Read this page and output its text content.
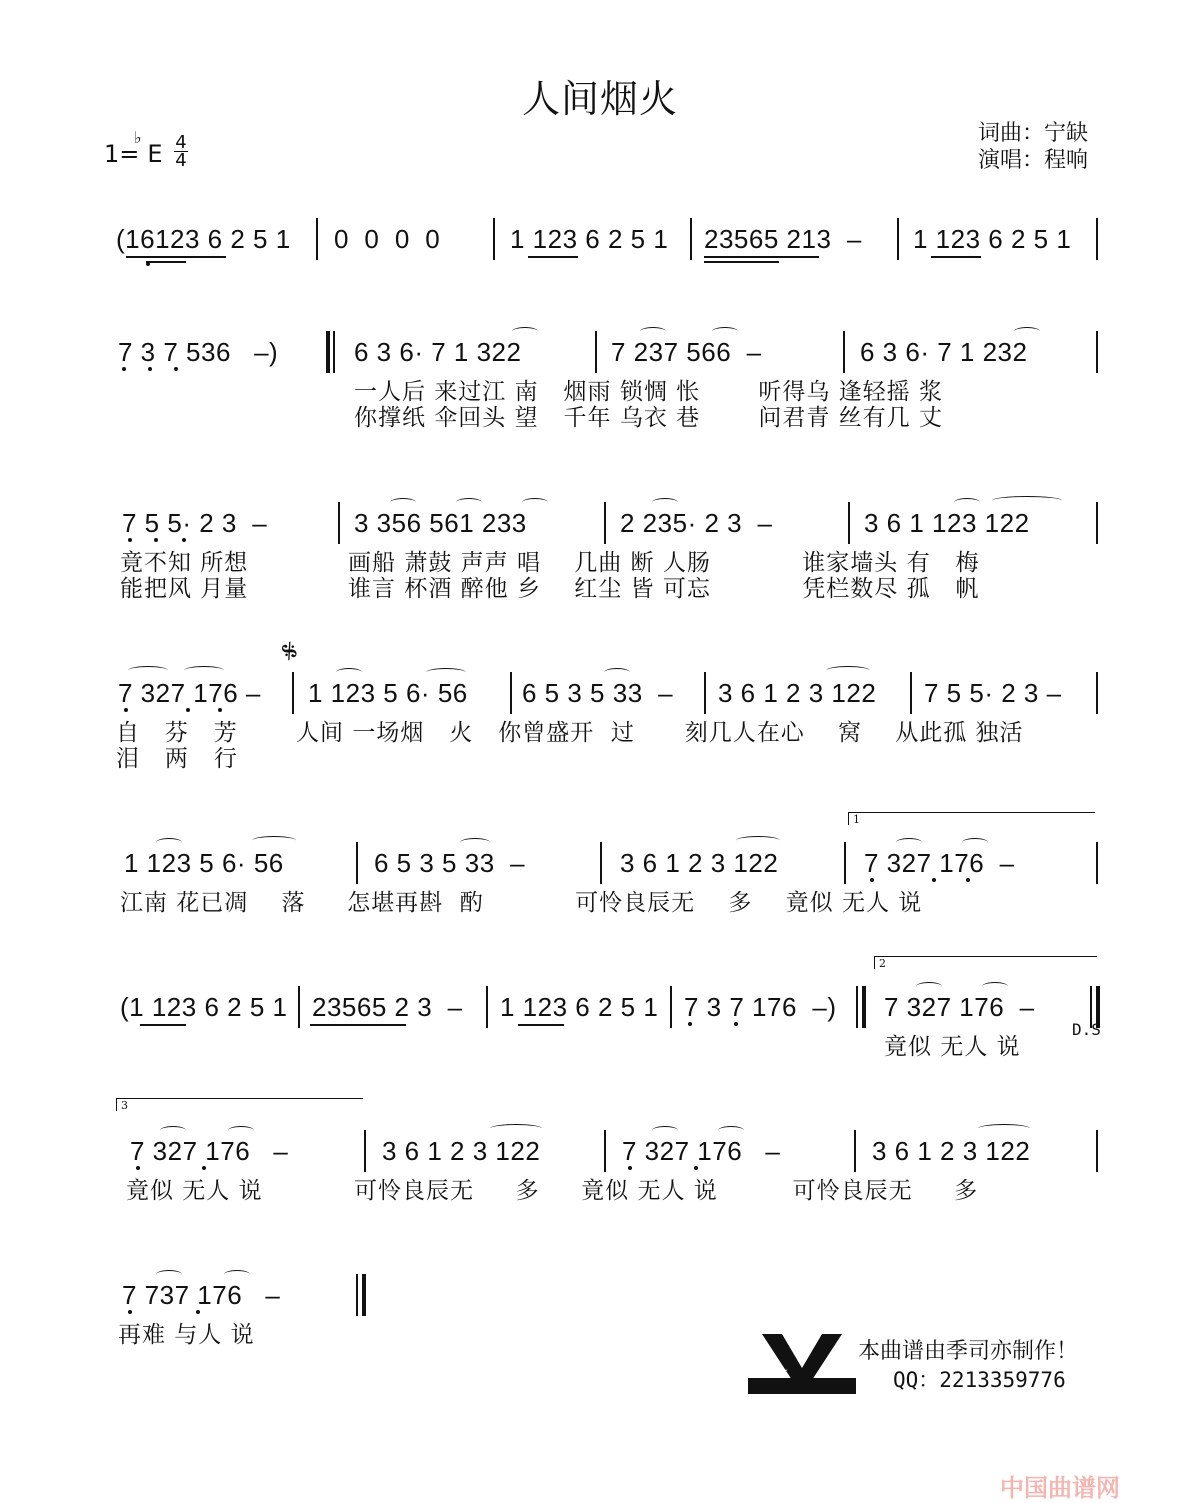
人间烟火
1=
♭
E 4
4
词曲：宁缺
演唱：程响
(16123 6 2 5 1 0  0  0  0	1 123 6 2 5 1 23565 213  – 1 123 6 2 5 1
7 3 7 536   –)	6 3 6· 7 1 322	7 237 566  –	6 3 6· 7 1 232
一人后 来过江 南   烟雨 锁惆 怅       听得乌 逢轻摇 浆
你撑纸 伞回头 望   千年 乌衣 巷       问君青 丝有几 丈
7 5 5· 2 3  –	3 356 561 233	2 235· 2 3  –	3 6 1 123 122
竟不知 所想            画船 萧鼓 声声 唱    几曲 断 人肠           谁家墙头 有   梅
能把风 月量            谁言 杯酒 醉他 乡    红尘 皆 可忘           凭栏数尽 孤   帆
𝄋
7 327 176 – 1 123 5 6· 56 6 5 3 5 33  – 3 6 1 2 3 122 7 5 5· 2 3 –
自   芬   芳       人间 一场烟   火   你曾盛开  过      刻几人在心    窝    从此孤 独活
泪   两   行
1
1 123 5 6· 56	6 5 3 5 33  –	3 6 1 2 3 122	7 327 176  –
江南 花已凋    落     怎堪再斟  酌           可怜良辰无    多    竟似 无人 说
2
(1 123 6 2 5 1 23565 2 3  – 1 123 6 2 5 1 7 3 7 176  –) 7 327 176  –
竟似 无人 说
D.S
3
7 327 176   –	3 6 1 2 3 122	7 327 176   –	3 6 1 2 3 122
竟似 无人 说           可怜良辰无     多     竟似 无人 说         可怜良辰无     多
7 737 176   –
再难 与人 说
★
★
★
本曲谱由季司亦制作！
QQ：2213359776
中国曲谱网
